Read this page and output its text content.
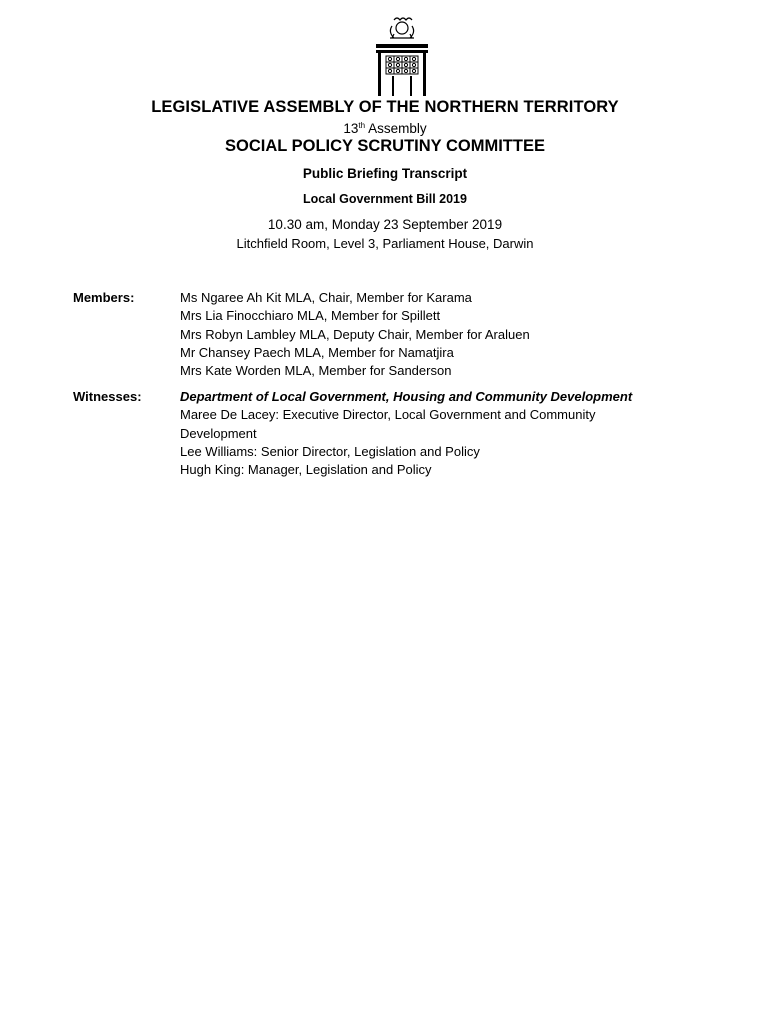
LEGISLATIVE ASSEMBLY OF THE NORTHERN TERRITORY
13th Assembly
SOCIAL POLICY SCRUTINY COMMITTEE
Public Briefing Transcript
Local Government Bill 2019
10.30 am, Monday 23 September 2019
Litchfield Room, Level 3, Parliament House, Darwin
Members:	Ms Ngaree Ah Kit MLA, Chair, Member for Karama
Mrs Lia Finocchiaro MLA, Member for Spillett
Mrs Robyn Lambley MLA, Deputy Chair, Member for Araluen
Mr Chansey Paech MLA, Member for Namatjira
Mrs Kate Worden MLA, Member for Sanderson
Witnesses:	Department of Local Government, Housing and Community Development
Maree De Lacey: Executive Director, Local Government and Community
Development
Lee Williams: Senior Director, Legislation and Policy
Hugh King: Manager, Legislation and Policy
